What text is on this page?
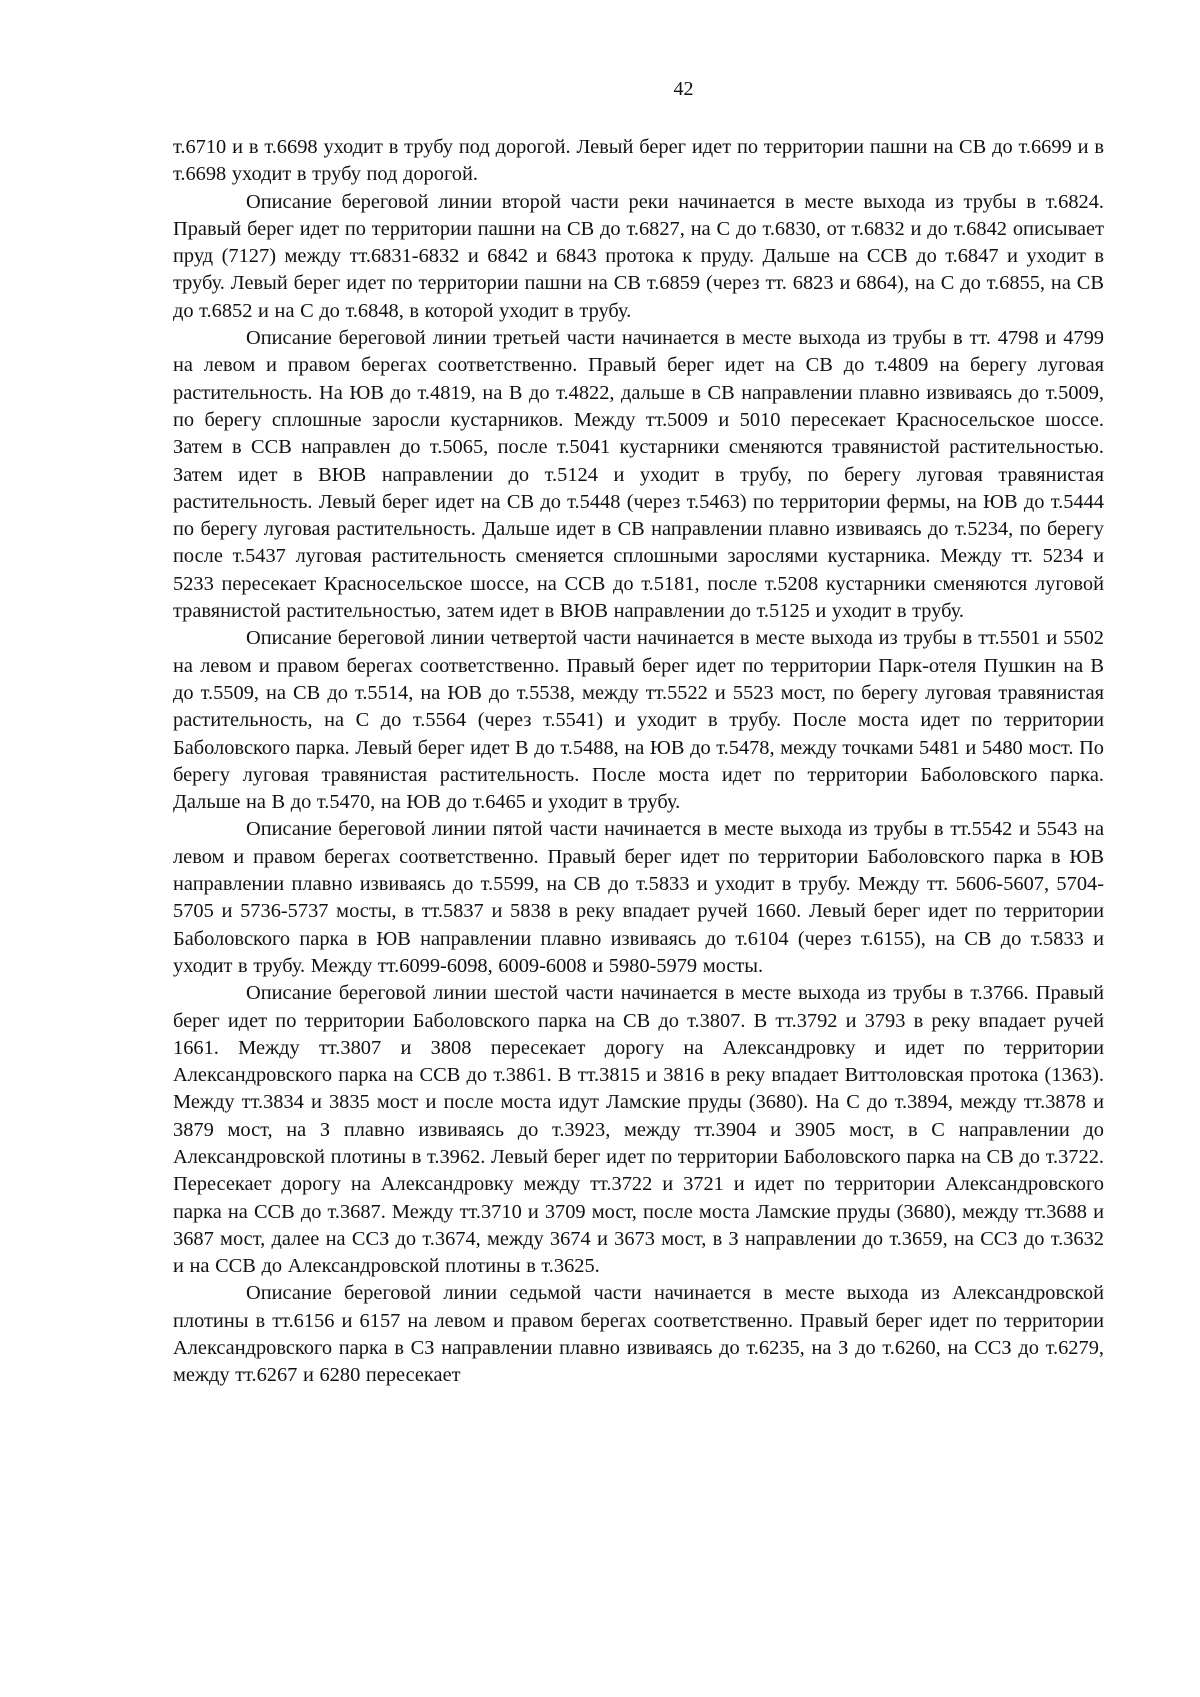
42

т.6710 и в т.6698 уходит в трубу под дорогой. Левый берег идет по территории пашни на СВ до т.6699 и в т.6698 уходит в трубу под дорогой.

Описание береговой линии второй части реки начинается в месте выхода из трубы в т.6824. Правый берег идет по территории пашни на СВ до т.6827, на С до т.6830, от т.6832 и до т.6842 описывает пруд (7127) между тт.6831-6832 и 6842 и 6843 протока к пруду. Дальше на ССВ до т.6847 и уходит в трубу. Левый берег идет по территории пашни на СВ т.6859 (через тт. 6823 и 6864), на С до т.6855, на СВ до т.6852 и на С до т.6848, в которой уходит в трубу.

Описание береговой линии третьей части начинается в месте выхода из трубы в тт. 4798 и 4799 на левом и правом берегах соответственно. Правый берег идет на СВ до т.4809 на берегу луговая растительность. На ЮВ до т.4819, на В до т.4822, дальше в СВ направлении плавно извиваясь до т.5009, по берегу сплошные заросли кустарников. Между тт.5009 и 5010 пересекает Красносельское шоссе. Затем в ССВ направлен до т.5065, после т.5041 кустарники сменяются травянистой растительностью. Затем идет в ВЮВ направлении до т.5124 и уходит в трубу, по берегу луговая травянистая растительность. Левый берег идет на СВ до т.5448 (через т.5463) по территории фермы, на ЮВ до т.5444 по берегу луговая растительность. Дальше идет в СВ направлении плавно извиваясь до т.5234, по берегу после т.5437 луговая растительность сменяется сплошными зарослями кустарника. Между тт. 5234 и 5233 пересекает Красносельское шоссе, на ССВ до т.5181, после т.5208 кустарники сменяются луговой травянистой растительностью, затем идет в ВЮВ направлении до т.5125 и уходит в трубу.

Описание береговой линии четвертой части начинается в месте выхода из трубы в тт.5501 и 5502 на левом и правом берегах соответственно. Правый берег идет по территории Парк-отеля Пушкин на В до т.5509, на СВ до т.5514, на ЮВ до т.5538, между тт.5522 и 5523 мост, по берегу луговая травянистая растительность, на С до т.5564 (через т.5541) и уходит в трубу. После моста идет по территории Баболовского парка. Левый берег идет В до т.5488, на ЮВ до т.5478, между точками 5481 и 5480 мост. По берегу луговая травянистая растительность. После моста идет по территории Баболовского парка. Дальше на В до т.5470, на ЮВ до т.6465 и уходит в трубу.

Описание береговой линии пятой части начинается в месте выхода из трубы в тт.5542 и 5543 на левом и правом берегах соответственно. Правый берег идет по территории Баболовского парка в ЮВ направлении плавно извиваясь до т.5599, на СВ до т.5833 и уходит в трубу. Между тт. 5606-5607, 5704-5705 и 5736-5737 мосты, в тт.5837 и 5838 в реку впадает ручей 1660. Левый берег идет по территории Баболовского парка в ЮВ направлении плавно извиваясь до т.6104 (через т.6155), на СВ до т.5833 и уходит в трубу. Между тт.6099-6098, 6009-6008 и 5980-5979 мосты.

Описание береговой линии шестой части начинается в месте выхода из трубы в т.3766. Правый берег идет по территории Баболовского парка на СВ до т.3807. В тт.3792 и 3793 в реку впадает ручей 1661. Между тт.3807 и 3808 пересекает дорогу на Александровку и идет по территории Александровского парка на ССВ до т.3861. В тт.3815 и 3816 в реку впадает Виттоловская протока (1363). Между тт.3834 и 3835 мост и после моста идут Ламские пруды (3680). На С до т.3894, между тт.3878 и 3879 мост, на З плавно извиваясь до т.3923, между тт.3904 и 3905 мост, в С направлении до Александровской плотины в т.3962. Левый берег идет по территории Баболовского парка на СВ до т.3722. Пересекает дорогу на Александровку между тт.3722 и 3721 и идет по территории Александровского парка на ССВ до т.3687. Между тт.3710 и 3709 мост, после моста Ламские пруды (3680), между тт.3688 и 3687 мост, далее на ССЗ до т.3674, между 3674 и 3673 мост, в З направлении до т.3659, на ССЗ до т.3632 и на ССВ до Александровской плотины в т.3625.

Описание береговой линии седьмой части начинается в месте выхода из Александровской плотины в тт.6156 и 6157 на левом и правом берегах соответственно. Правый берег идет по территории Александровского парка в СЗ направлении плавно извиваясь до т.6235, на З до т.6260, на ССЗ до т.6279, между тт.6267 и 6280 пересекает
